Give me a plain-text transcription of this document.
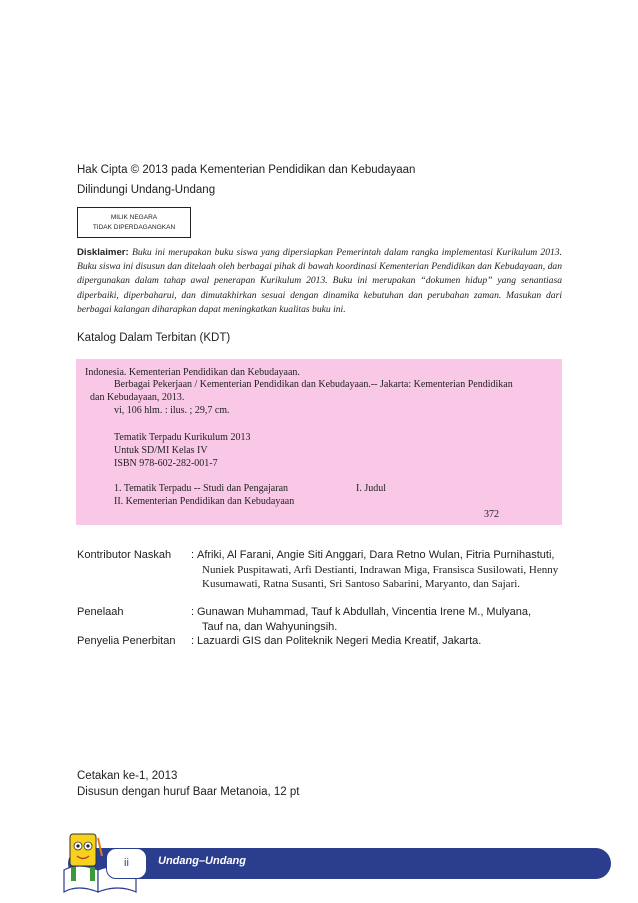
Hak Cipta © 2013 pada Kementerian Pendidikan dan Kebudayaan
Dilindungi Undang-Undang
MILIK NEGARA
TIDAK DIPERDAGANGKAN
Disklaimer: Buku ini merupakan buku siswa yang dipersiapkan Pemerintah dalam rangka implementasi Kurikulum 2013. Buku siswa ini disusun dan ditelaah oleh berbagai pihak di bawah koordinasi Kementerian Pendidikan dan Kebudayaan, dan dipergunakan dalam tahap awal penerapan Kurikulum 2013. Buku ini merupakan “dokumen hidup” yang senantiasa diperbaiki, diperbaharui, dan dimutakhirkan sesuai dengan dinamika kebutuhan dan perubahan zaman. Masukan dari berbagai kalangan diharapkan dapat meningkatkan kualitas buku ini.
Katalog Dalam Terbitan (KDT)
Indonesia. Kementerian Pendidikan dan Kebudayaan.
Berbagai Pekerjaan / Kementerian Pendidikan dan Kebudayaan.-- Jakarta: Kementerian Pendidikan
dan Kebudayaan, 2013.
vi, 106 hlm. : ilus. ; 29,7 cm.
Tematik Terpadu Kurikulum 2013
Untuk SD/MI Kelas IV
ISBN 978-602-282-001-7
1. Tematik Terpadu -- Studi dan Pengajaran	I. Judul
II. Kementerian Pendidikan dan Kebudayaan
372
Kontributor Naskah : Afriki, Al Farani, Angie Siti Anggari, Dara Retno Wulan, Fitria Purnihastuti,
Nuniek Puspitawati, Arfi Destianti, Indrawan Miga, Fransisca Susilowati, Henny Kusumawati, Ratna Susanti, Sri Santoso Sabarini, Maryanto, dan Sajari.
Penelaah	: Gunawan Muhammad, Tauf k Abdullah, Vincentia Irene M., Mulyana,
Tauf na, dan Wahyuningsih.
Penyelia Penerbitan : Lazuardi GIS dan Politeknik Negeri Media Kreatif, Jakarta.
Cetakan ke-1, 2013
Disusun dengan huruf Baar Metanoia, 12 pt
ii	Undang–Undang
